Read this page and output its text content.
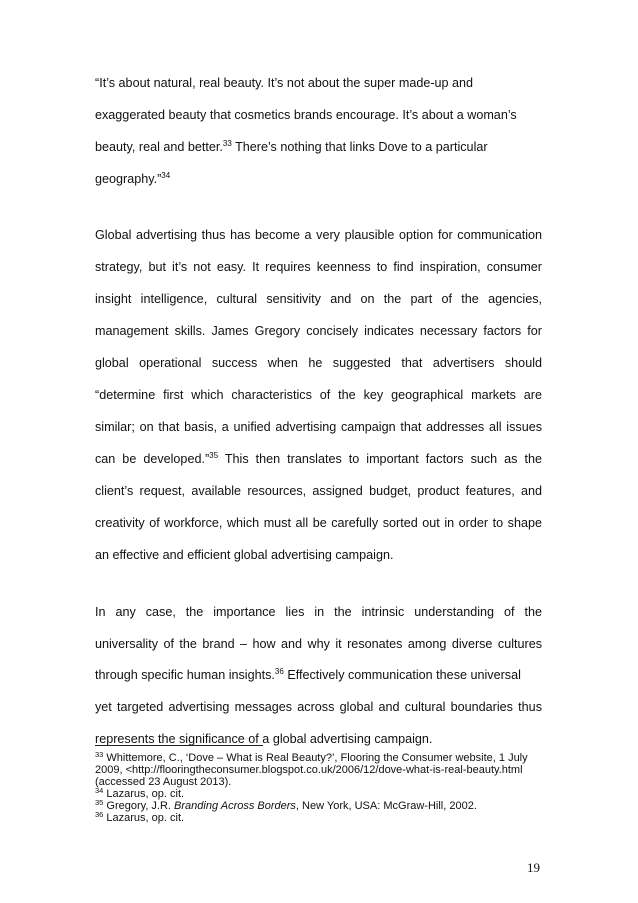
“It’s about natural, real beauty. It’s not about the super made-up and
exaggerated beauty that cosmetics brands encourage. It’s about a woman’s
beauty, real and better.$^{33}$ There’s nothing that links Dove to a particular
geography.”$^{34}$
Global advertising thus has become a very plausible option for communication
strategy, but it’s not easy. It requires keenness to find inspiration, consumer
insight intelligence, cultural sensitivity and on the part of the agencies,
management skills. James Gregory concisely indicates necessary factors for
global operational success when he suggested that advertisers should
“determine first which characteristics of the key geographical markets are
similar; on that basis, a unified advertising campaign that addresses all issues
can be developed.”$^{35}$ This then translates to important factors such as the
client’s request, available resources, assigned budget, product features, and
creativity of workforce, which must all be carefully sorted out in order to shape
an effective and efficient global advertising campaign.
In any case, the importance lies in the intrinsic understanding of the
universality of the brand – how and why it resonates among diverse cultures
through specific human insights.$^{36}$ Effectively communication these universal
yet targeted advertising messages across global and cultural boundaries thus
represents the significance of a global advertising campaign.
$^{33}$ Whittemore, C., ‘Dove – What is Real Beauty?’, Flooring the Consumer website, 1 July
2009, <http://flooringtheconsumer.blogspot.co.uk/2006/12/dove-what-is-real-beauty.html
(accessed 23 August 2013).
$^{34}$ Lazarus, op. cit.
$^{35}$ Gregory, J.R. Branding Across Borders, New York, USA: McGraw-Hill, 2002.
$^{36}$ Lazarus, op. cit.
19
